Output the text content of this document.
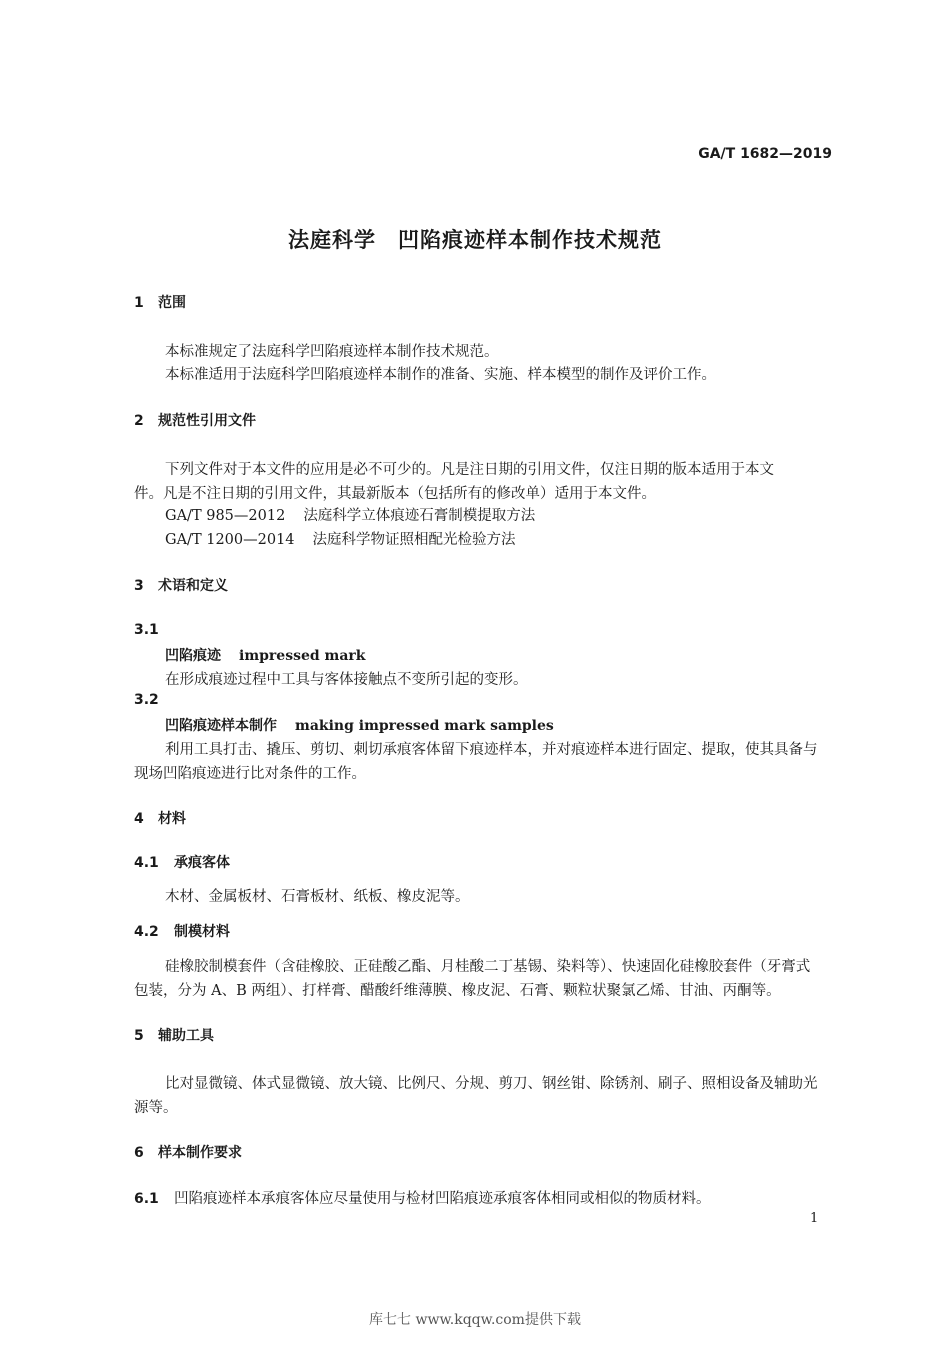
GA/T 1682—2019
法庭科学 凹陷痕迹样本制作技术规范
1 范围
本标准规定了法庭科学凹陷痕迹样本制作技术规范。
本标准适用于法庭科学凹陷痕迹样本制作的准备、实施、样本模型的制作及评价工作。
2 规范性引用文件
下列文件对于本文件的应用是必不可少的。凡是注日期的引用文件，仅注日期的版本适用于本文
件。凡是不注日期的引用文件，其最新版本（包括所有的修改单）适用于本文件。
GA/T 985—2012 法庭科学立体痕迹石膏制模提取方法
GA/T 1200—2014 法庭科学物证照相配光检验方法
3 术语和定义
3.1
凹陷痕迹 impressed mark
在形成痕迹过程中工具与客体接触点不变所引起的变形。
3.2
凹陷痕迹样本制作 making impressed mark samples
利用工具打击、撬压、剪切、刺切承痕客体留下痕迹样本，并对痕迹样本进行固定、提取，使其具备与
现场凹陷痕迹进行比对条件的工作。
4 材料
4.1 承痕客体
木材、金属板材、石膏板材、纸板、橡皮泥等。
4.2 制模材料
硅橡胶制模套件（含硅橡胶、正硅酸乙酯、月桂酸二丁基锡、染料等）、快速固化硅橡胶套件（牙膏式
包装，分为 A、B 两组）、打样膏、醋酸纤维薄膜、橡皮泥、石膏、颗粒状聚氯乙烯、甘油、丙酮等。
5 辅助工具
比对显微镜、体式显微镜、放大镜、比例尺、分规、剪刀、钢丝钳、除锈剂、刷子、照相设备及辅助光
源等。
6 样本制作要求
6.1 凹陷痕迹样本承痕客体应尽量使用与检材凹陷痕迹承痕客体相同或相似的物质材料。
1
库七七 www.kqqw.com提供下载
